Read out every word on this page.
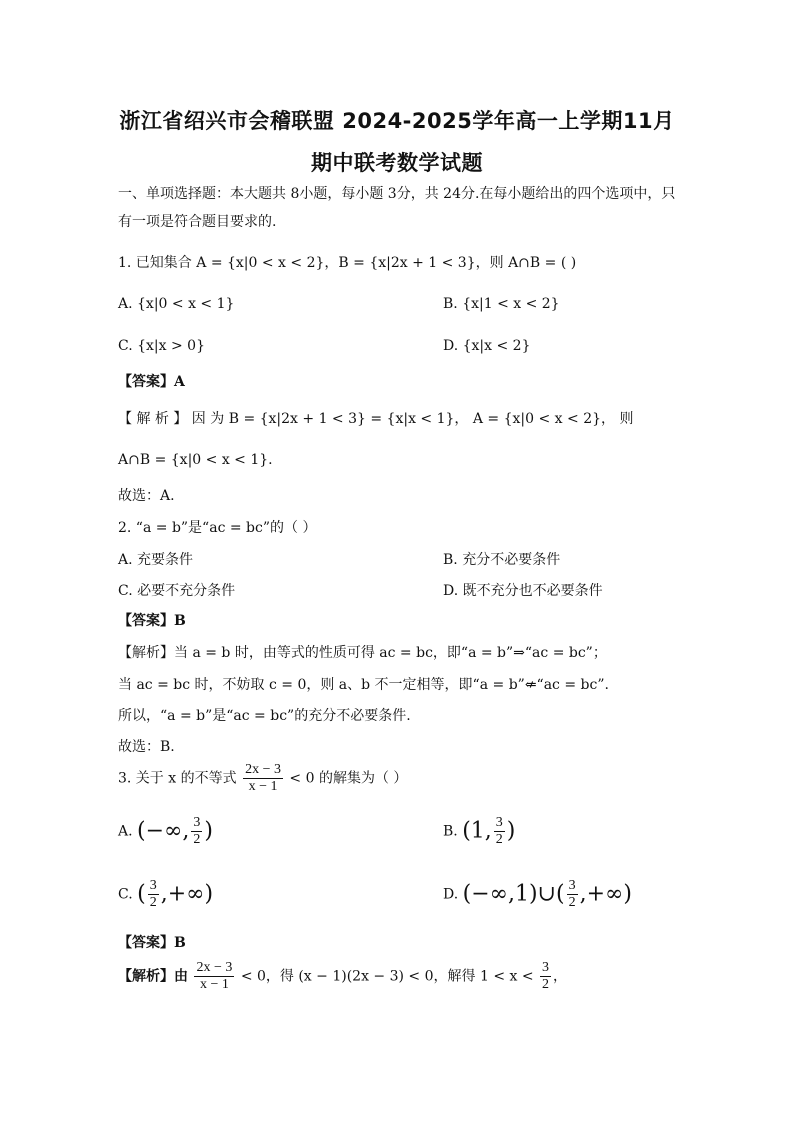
浙江省绍兴市会稽联盟 2024-2025学年高一上学期11月
期中联考数学试题
一、单项选择题：本大题共 8小题，每小题 3分，共 24分.在每小题给出的四个选项中，只
有一项是符合题目要求的.
1. 已知集合 A = {x|0 < x < 2}，B = {x|2x + 1 < 3}，则 A∩B = ( )
A. {x|0 < x < 1}	B. {x|1 < x < 2}
C. {x|x > 0}	D. {x|x < 2}
【答案】A
【 解 析 】 因 为 B = {x|2x + 1 < 3} = {x|x < 1}， A = {x|0 < x < 2}， 则
A∩B = {x|0 < x < 1}.
故选：A.
2. “a = b”是“ac = bc”的（ ）
A. 充要条件	B. 充分不必要条件
C. 必要不充分条件	D. 既不充分也不必要条件
【答案】B
【解析】当 a = b 时，由等式的性质可得 ac = bc，即“a = b”⇒“ac = bc”；
当 ac = bc 时，不妨取 c = 0，则 a、b 不一定相等，即“a = b”⇍“ac = bc”.
所以，“a = b”是“ac = bc”的充分不必要条件.
故选：B.
3. 关于 x 的不等式 $\frac{2x - 3}{x - 1} < 0$ 的解集为（ ）
A. (−∞, $\frac{3}{2}$ )	B. (1, $\frac{3}{2}$ )
C. ( $\frac{3}{2}$ ,+∞)	D. (−∞,1)∪( $\frac{3}{2}$ ,+∞)
【答案】B
【解析】由 $\frac{2x - 3}{x - 1} < 0$，得 (x − 1)(2x − 3) < 0，解得 $1 < x < \frac{3}{2}$ ，
